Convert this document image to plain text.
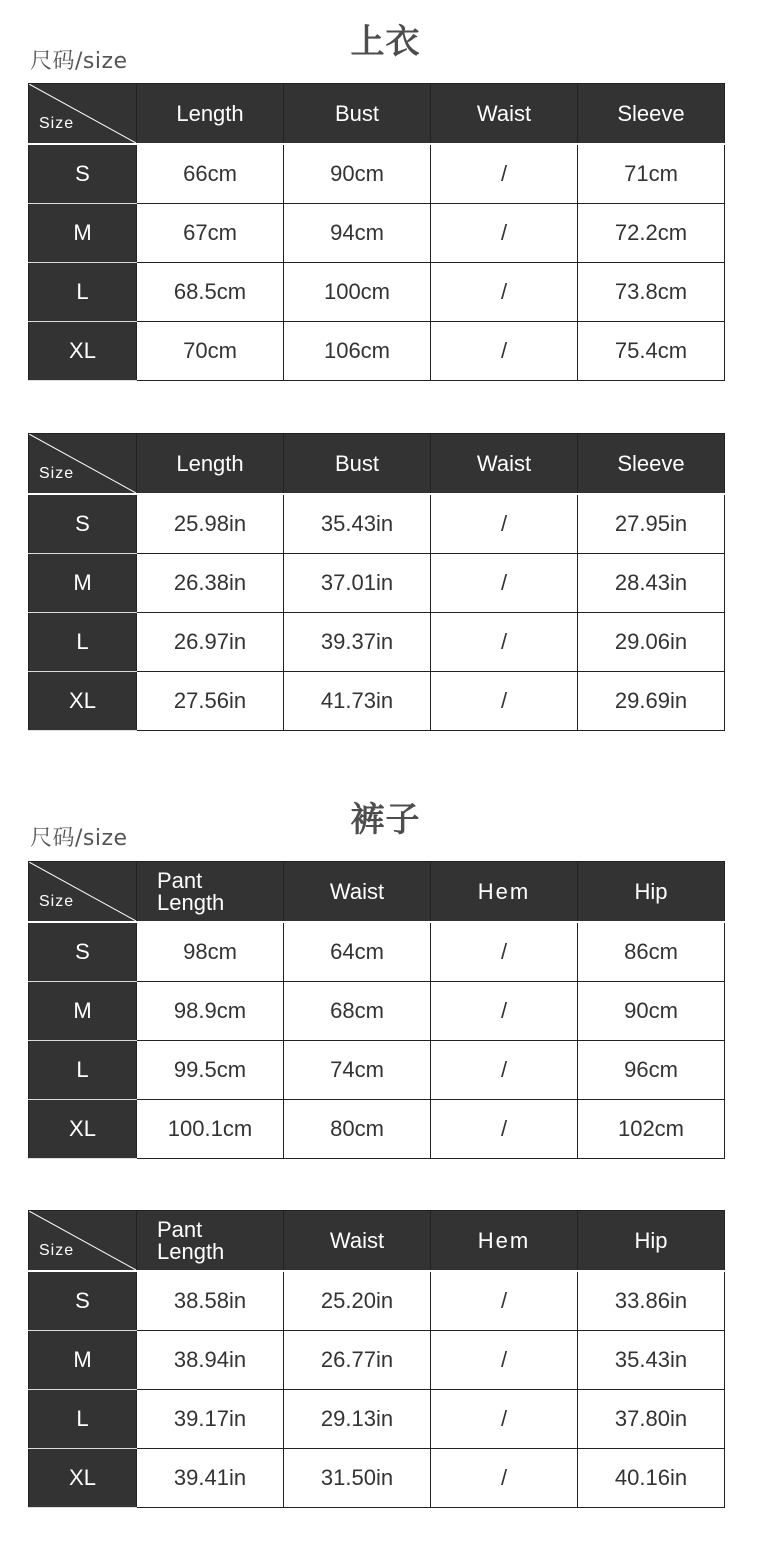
上衣
尺码/size
Size	Length	Bust	Waist	Sleeve
S	66cm	90cm	/	71cm
M	67cm	94cm	/	72.2cm
L	68.5cm	100cm	/	73.8cm
XL	70cm	106cm	/	75.4cm
Size	Length	Bust	Waist	Sleeve
S	25.98in	35.43in	/	27.95in
M	26.38in	37.01in	/	28.43in
L	26.97in	39.37in	/	29.06in
XL	27.56in	41.73in	/	29.69in
裤子
尺码/size
Size	Pant Length	Waist	Hem	Hip
S	98cm	64cm	/	86cm
M	98.9cm	68cm	/	90cm
L	99.5cm	74cm	/	96cm
XL	100.1cm	80cm	/	102cm
Size	Pant Length	Waist	Hem	Hip
S	38.58in	25.20in	/	33.86in
M	38.94in	26.77in	/	35.43in
L	39.17in	29.13in	/	37.80in
XL	39.41in	31.50in	/	40.16in
